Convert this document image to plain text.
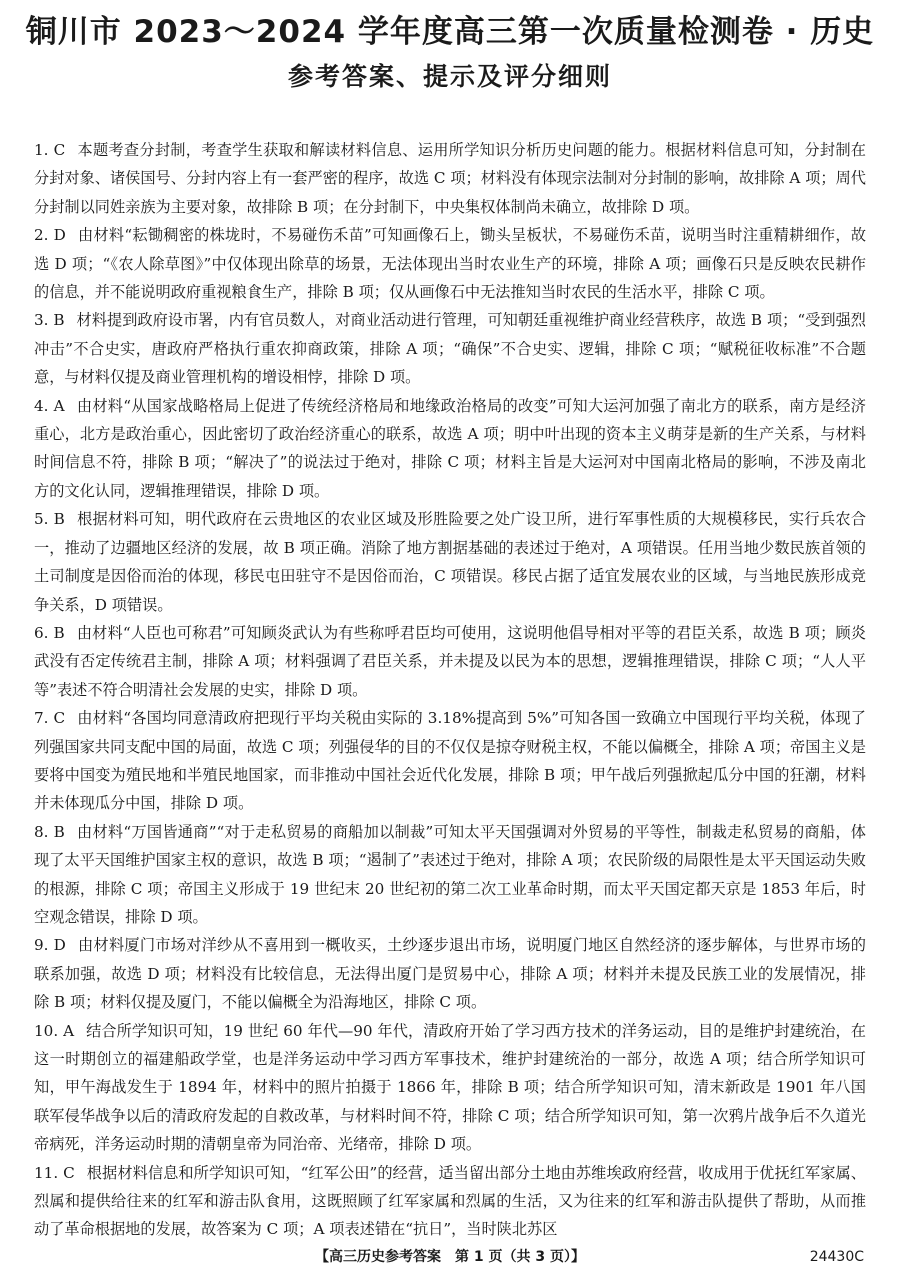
铜川市 2023～2024 学年度高三第一次质量检测卷 · 历史
参考答案、提示及评分细则

1. C 本题考查分封制，考查学生获取和解读材料信息、运用所学知识分析历史问题的能力。根据材料信息可知，分封制在分封对象、诸侯国号、分封内容上有一套严密的程序，故选 C 项；材料没有体现宗法制对分封制的影响，故排除 A 项；周代分封制以同姓亲族为主要对象，故排除 B 项；在分封制下，中央集权体制尚未确立，故排除 D 项。

2. D 由材料“耘锄稠密的株垅时，不易碰伤禾苗”可知画像石上，锄头呈板状，不易碰伤禾苗，说明当时注重精耕细作，故选 D 项；“《农人除草图》”中仅体现出除草的场景，无法体现出当时农业生产的环境，排除 A 项；画像石只是反映农民耕作的信息，并不能说明政府重视粮食生产，排除 B 项；仅从画像石中无法推知当时农民的生活水平，排除 C 项。

3. B 材料提到政府设市署，内有官员数人，对商业活动进行管理，可知朝廷重视维护商业经营秩序，故选 B 项；“受到强烈冲击”不合史实，唐政府严格执行重农抑商政策，排除 A 项；“确保”不合史实、逻辑，排除 C 项；“赋税征收标准”不合题意，与材料仅提及商业管理机构的增设相悖，排除 D 项。

4. A 由材料“从国家战略格局上促进了传统经济格局和地缘政治格局的改变”可知大运河加强了南北方的联系，南方是经济重心，北方是政治重心，因此密切了政治经济重心的联系，故选 A 项；明中叶出现的资本主义萌芽是新的生产关系，与材料时间信息不符，排除 B 项；“解决了”的说法过于绝对，排除 C 项；材料主旨是大运河对中国南北格局的影响，不涉及南北方的文化认同，逻辑推理错误，排除 D 项。

5. B 根据材料可知，明代政府在云贵地区的农业区域及形胜险要之处广设卫所，进行军事性质的大规模移民，实行兵农合一，推动了边疆地区经济的发展，故 B 项正确。消除了地方割据基础的表述过于绝对，A 项错误。任用当地少数民族首领的土司制度是因俗而治的体现，移民屯田驻守不是因俗而治，C 项错误。移民占据了适宜发展农业的区域，与当地民族形成竞争关系，D 项错误。

6. B 由材料“人臣也可称君”可知顾炎武认为有些称呼君臣均可使用，这说明他倡导相对平等的君臣关系，故选 B 项；顾炎武没有否定传统君主制，排除 A 项；材料强调了君臣关系，并未提及以民为本的思想，逻辑推理错误，排除 C 项；“人人平等”表述不符合明清社会发展的史实，排除 D 项。

7. C 由材料“各国均同意清政府把现行平均关税由实际的 3.18%提高到 5%”可知各国一致确立中国现行平均关税，体现了列强国家共同支配中国的局面，故选 C 项；列强侵华的目的不仅仅是掠夺财税主权，不能以偏概全，排除 A 项；帝国主义是要将中国变为殖民地和半殖民地国家，而非推动中国社会近代化发展，排除 B 项；甲午战后列强掀起瓜分中国的狂潮，材料并未体现瓜分中国，排除 D 项。

8. B 由材料“万国皆通商”“对于走私贸易的商船加以制裁”可知太平天国强调对外贸易的平等性，制裁走私贸易的商船，体现了太平天国维护国家主权的意识，故选 B 项；“遏制了”表述过于绝对，排除 A 项；农民阶级的局限性是太平天国运动失败的根源，排除 C 项；帝国主义形成于 19 世纪末 20 世纪初的第二次工业革命时期，而太平天国定都天京是 1853 年后，时空观念错误，排除 D 项。

9. D 由材料厦门市场对洋纱从不喜用到一概收买，土纱逐步退出市场，说明厦门地区自然经济的逐步解体，与世界市场的联系加强，故选 D 项；材料没有比较信息，无法得出厦门是贸易中心，排除 A 项；材料并未提及民族工业的发展情况，排除 B 项；材料仅提及厦门，不能以偏概全为沿海地区，排除 C 项。

10. A 结合所学知识可知，19 世纪 60 年代—90 年代，清政府开始了学习西方技术的洋务运动，目的是维护封建统治，在这一时期创立的福建船政学堂，也是洋务运动中学习西方军事技术，维护封建统治的一部分，故选 A 项；结合所学知识可知，甲午海战发生于 1894 年，材料中的照片拍摄于 1866 年，排除 B 项；结合所学知识可知，清末新政是 1901 年八国联军侵华战争以后的清政府发起的自救改革，与材料时间不符，排除 C 项；结合所学知识可知，第一次鸦片战争后不久道光帝病死，洋务运动时期的清朝皇帝为同治帝、光绪帝，排除 D 项。

11. C 根据材料信息和所学知识可知，“红军公田”的经营，适当留出部分土地由苏维埃政府经营，收成用于优抚红军家属、烈属和提供给往来的红军和游击队食用，这既照顾了红军家属和烈属的生活，又为往来的红军和游击队提供了帮助，从而推动了革命根据地的发展，故答案为 C 项；A 项表述错在“抗日”，当时陕北苏区

【高三历史参考答案　第 1 页（共 3 页）】	24430C
